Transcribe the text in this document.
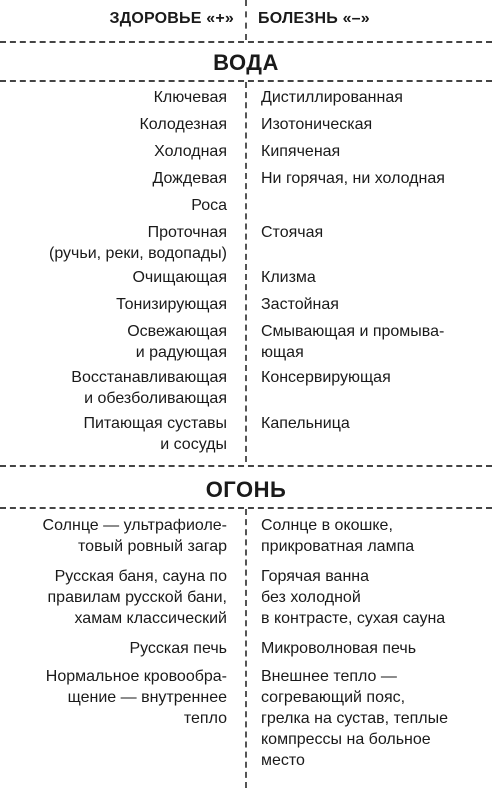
ЗДОРОВЬЕ «+» БОЛЕЗНЬ «–»
ВОДА
Ключевая Дистиллированная
Колодезная Изотоническая
Холодная Кипяченая
Дождевая Ни горячая, ни холодная
Роса
Проточная
(ручьи, реки, водопады)
Стоячая
Очищающая Клизма
Тонизирующая Застойная
Освежающая
и радующая
Смывающая и промыва-
ющая
Восстанавливающая
и обезболивающая
Консервирующая
Питающая суставы
и сосуды
Капельница
ОГОНЬ
Солнце — ультрафиоле-
товый ровный загар
Солнце в окошке,
прикроватная лампа
Русская баня, сауна по
правилам русской бани,
хамам классический
Горячая ванна
без холодной
в контрасте, сухая сауна
Русская печь Микроволновая печь
Нормальное кровообра-
щение — внутреннее
тепло
Внешнее тепло —
согревающий пояс,
грелка на сустав, теплые
компрессы на больное
место
